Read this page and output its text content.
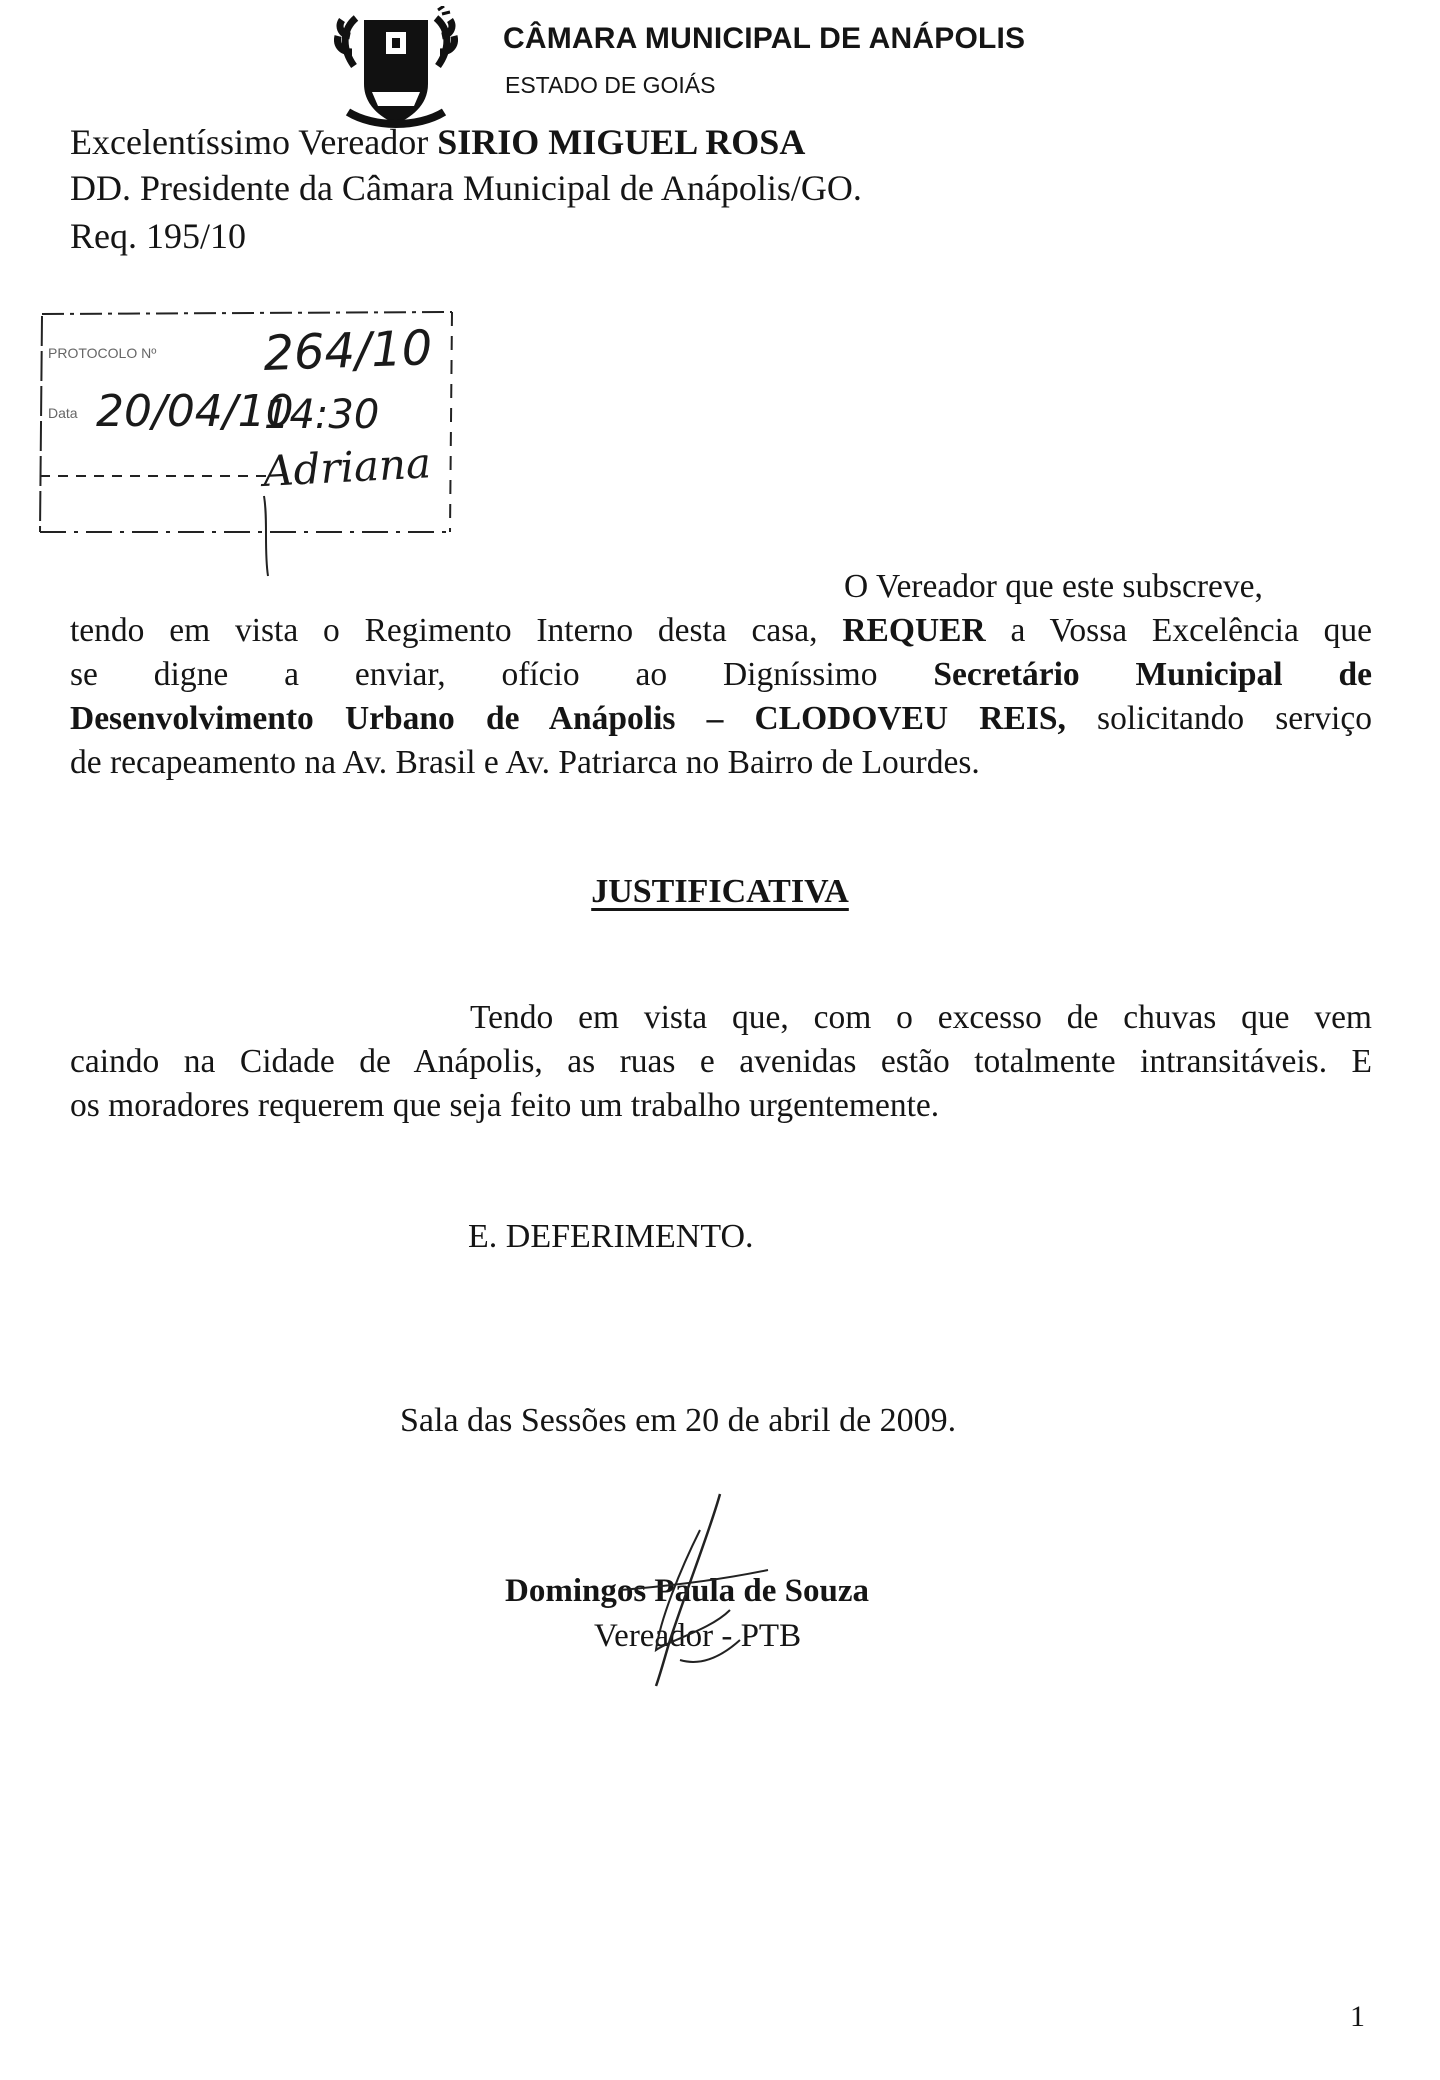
CÂMARA MUNICIPAL DE ANÁPOLIS
ESTADO DE GOIÁS
Excelentíssimo Vereador SIRIO MIGUEL ROSA
DD. Presidente da Câmara Municipal de Anápolis/GO.
Req. 195/10
PROTOCOLO Nº
Data
264/10
20/04/10
14:30
Adriana
O Vereador que este subscreve,
tendo em vista o Regimento Interno desta casa, REQUER a Vossa Excelência que
se digne a enviar, ofício ao Digníssimo Secretário Municipal de
Desenvolvimento Urbano de Anápolis – CLODOVEU REIS, solicitando serviço
de recapeamento na Av. Brasil e Av. Patriarca no Bairro de Lourdes.
JUSTIFICATIVA
Tendo em vista que, com o excesso de chuvas que vem
caindo na Cidade de Anápolis, as ruas e avenidas estão totalmente intransitáveis. E
os moradores requerem que seja feito um trabalho urgentemente.
E. DEFERIMENTO.
Sala das Sessões em 20 de abril de 2009.
Domingos Paula de Souza
Vereador - PTB
1
